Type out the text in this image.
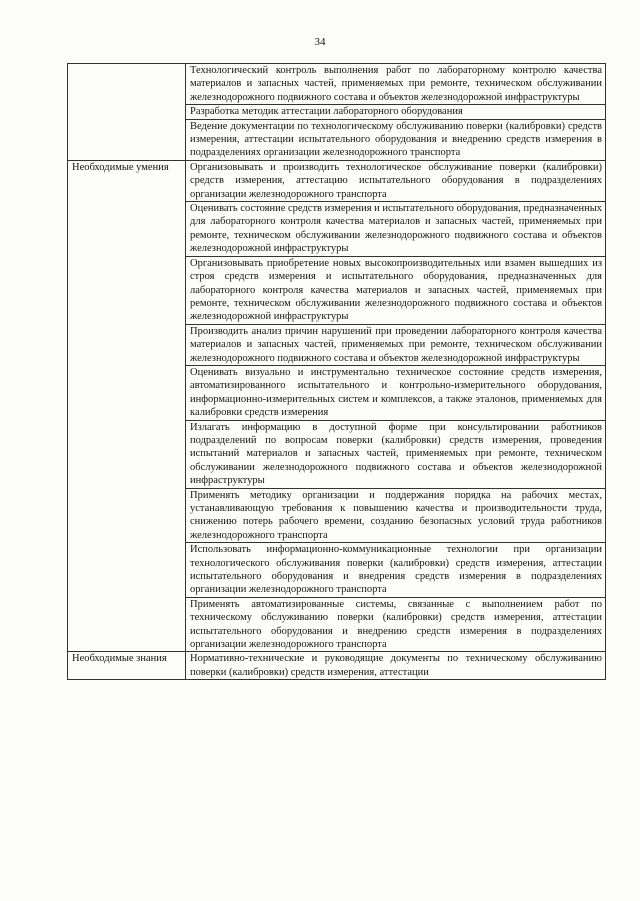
34
	Технологический контроль выполнения работ по лабораторному контролю качества материалов и запасных частей, применяемых при ремонте, техническом обслуживании железнодорожного подвижного состава и объектов железнодорожной инфраструктуры
	Разработка методик аттестации лабораторного оборудования
	Ведение документации по технологическому обслуживанию поверки (калибровки) средств измерения, аттестации испытательного оборудования и внедрению средств измерения в подразделениях организации железнодорожного транспорта
Необходимые умения	Организовывать и производить технологическое обслуживание поверки (калибровки) средств измерения, аттестацию испытательного оборудования в подразделениях организации железнодорожного транспорта
	Оценивать состояние средств измерения и испытательного оборудования, предназначенных для лабораторного контроля качества материалов и запасных частей, применяемых при ремонте, техническом обслуживании железнодорожного подвижного состава и объектов железнодорожной инфраструктуры
	Организовывать приобретение новых высокопроизводительных или взамен вышедших из строя средств измерения и испытательного оборудования, предназначенных для лабораторного контроля качества материалов и запасных частей, применяемых при ремонте, техническом обслуживании железнодорожного подвижного состава и объектов железнодорожной инфраструктуры
	Производить анализ причин нарушений при проведении лабораторного контроля качества материалов и запасных частей, применяемых при ремонте, техническом обслуживании железнодорожного подвижного состава и объектов железнодорожной инфраструктуры
	Оценивать визуально и инструментально техническое состояние средств измерения, автоматизированного испытательного и контрольно-измерительного оборудования, информационно-измерительных систем и комплексов, а также эталонов, применяемых для калибровки средств измерения
	Излагать информацию в доступной форме при консультировании работников подразделений по вопросам поверки (калибровки) средств измерения, проведения испытаний материалов и запасных частей, применяемых при ремонте, техническом обслуживании железнодорожного подвижного состава и объектов железнодорожной инфраструктуры
	Применять методику организации и поддержания порядка на рабочих местах, устанавливающую требования к повышению качества и производительности труда, снижению потерь рабочего времени, созданию безопасных условий труда работников железнодорожного транспорта
	Использовать информационно-коммуникационные технологии при организации технологического обслуживания поверки (калибровки) средств измерения, аттестации испытательного оборудования и внедрения средств измерения в подразделениях организации железнодорожного транспорта
	Применять автоматизированные системы, связанные с выполнением работ по техническому обслуживанию поверки (калибровки) средств измерения, аттестации испытательного оборудования и внедрению средств измерения в подразделениях организации железнодорожного транспорта
Необходимые знания	Нормативно-технические и руководящие документы по техническому обслуживанию поверки (калибровки) средств измерения, аттестации
